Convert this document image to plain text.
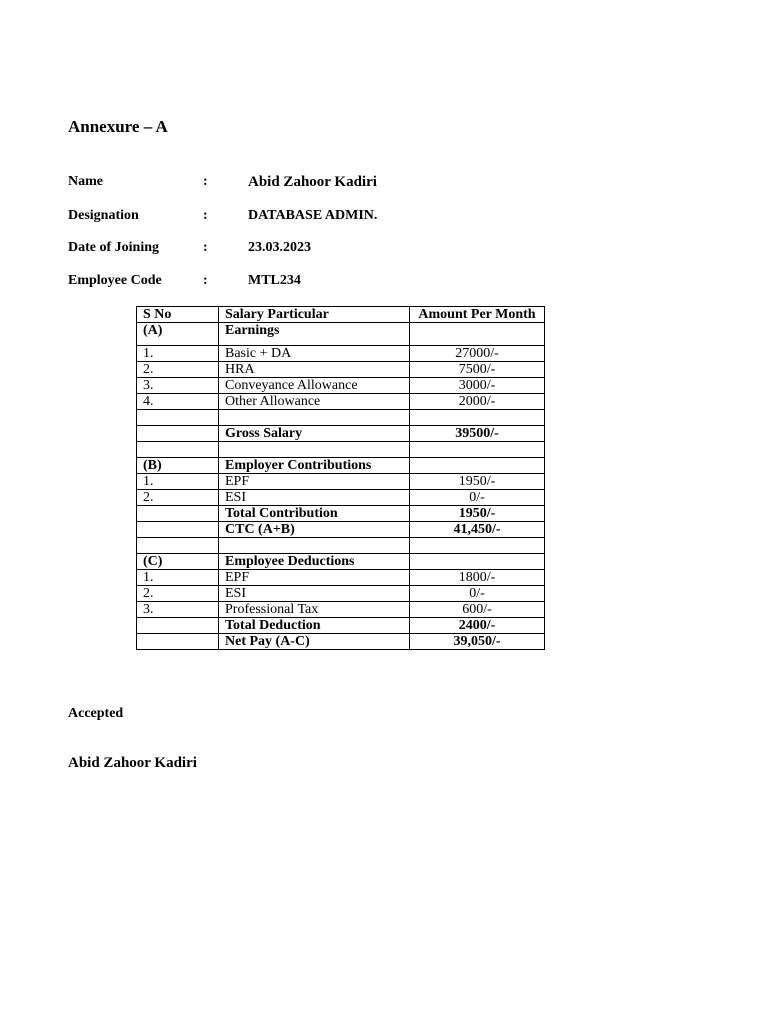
Annexure – A
Name	:	Abid Zahoor Kadiri
Designation	:	DATABASE ADMIN.
Date of Joining	:	23.03.2023
Employee Code	:	MTL234
S No	Salary Particular	Amount Per Month
(A)	Earnings	
1.	Basic + DA	27000/-
2.	HRA	7500/-
3.	Conveyance Allowance	3000/-
4.	Other Allowance	2000/-

	Gross Salary	39500/-

(B)	Employer Contributions	
1.	EPF	1950/-
2.	ESI	0/-
	Total Contribution	1950/-
	CTC (A+B)	41,450/-

(C)	Employee Deductions	
1.	EPF	1800/-
2.	ESI	0/-
3.	Professional Tax	600/-
	Total Deduction	2400/-
	Net Pay (A-C)	39,050/-
Accepted
Abid Zahoor Kadiri
